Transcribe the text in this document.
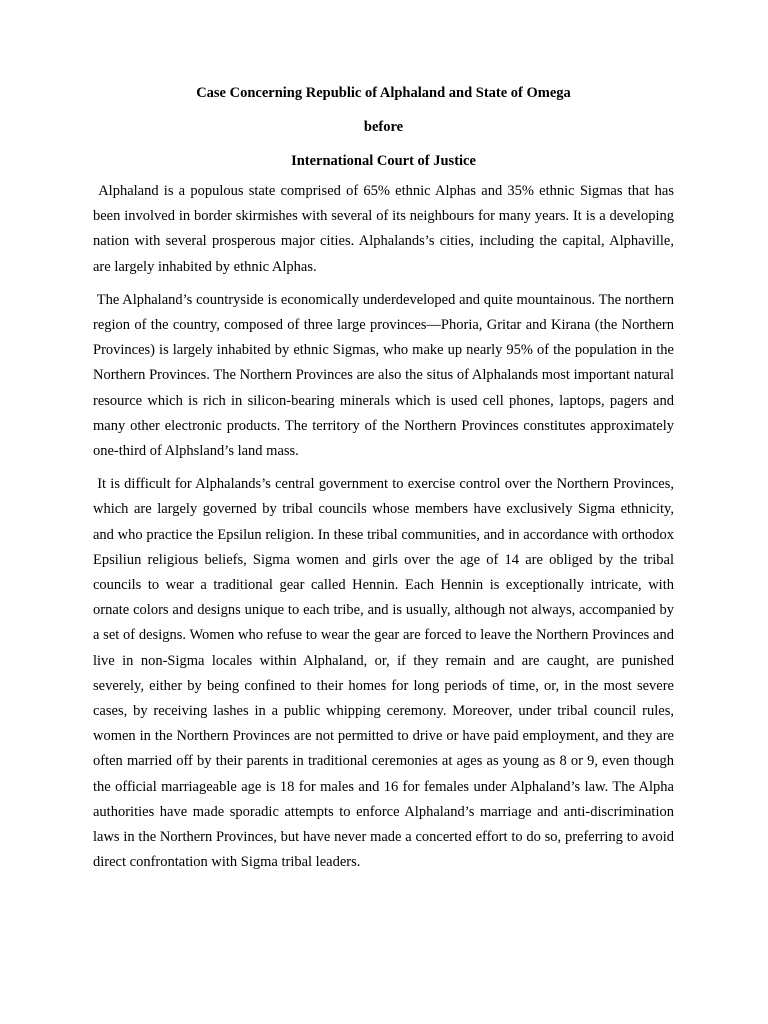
Case Concerning Republic of Alphaland and State of Omega

before

International Court of Justice

Alphaland is a populous state comprised of 65% ethnic Alphas and 35% ethnic Sigmas that has been involved in border skirmishes with several of its neighbours for many years. It is a developing nation with several prosperous major cities. Alphalands’s cities, including the capital, Alphaville, are largely inhabited by ethnic Alphas.

The Alphaland’s countryside is economically underdeveloped and quite mountainous. The northern region of the country, composed of three large provinces—Phoria, Gritar and Kirana (the Northern Provinces) is largely inhabited by ethnic Sigmas, who make up nearly 95% of the population in the Northern Provinces. The Northern Provinces are also the situs of Alphalands most important natural resource which is rich in silicon-bearing minerals which is used cell phones, laptops, pagers and many other electronic products. The territory of the Northern Provinces constitutes approximately one-third of Alphsland’s land mass.

It is difficult for Alphalands’s central government to exercise control over the Northern Provinces, which are largely governed by tribal councils whose members have exclusively Sigma ethnicity, and who practice the Epsilun religion. In these tribal communities, and in accordance with orthodox Epsiliun religious beliefs, Sigma women and girls over the age of 14 are obliged by the tribal councils to wear a traditional gear called Hennin. Each Hennin is exceptionally intricate, with ornate colors and designs unique to each tribe, and is usually, although not always, accompanied by a set of designs. Women who refuse to wear the gear are forced to leave the Northern Provinces and live in non-Sigma locales within Alphaland, or, if they remain and are caught, are punished severely, either by being confined to their homes for long periods of time, or, in the most severe cases, by receiving lashes in a public whipping ceremony. Moreover, under tribal council rules, women in the Northern Provinces are not permitted to drive or have paid employment, and they are often married off by their parents in traditional ceremonies at ages as young as 8 or 9, even though the official marriageable age is 18 for males and 16 for females under Alphaland’s law. The Alpha authorities have made sporadic attempts to enforce Alphaland’s marriage and anti-discrimination laws in the Northern Provinces, but have never made a concerted effort to do so, preferring to avoid direct confrontation with Sigma tribal leaders.
